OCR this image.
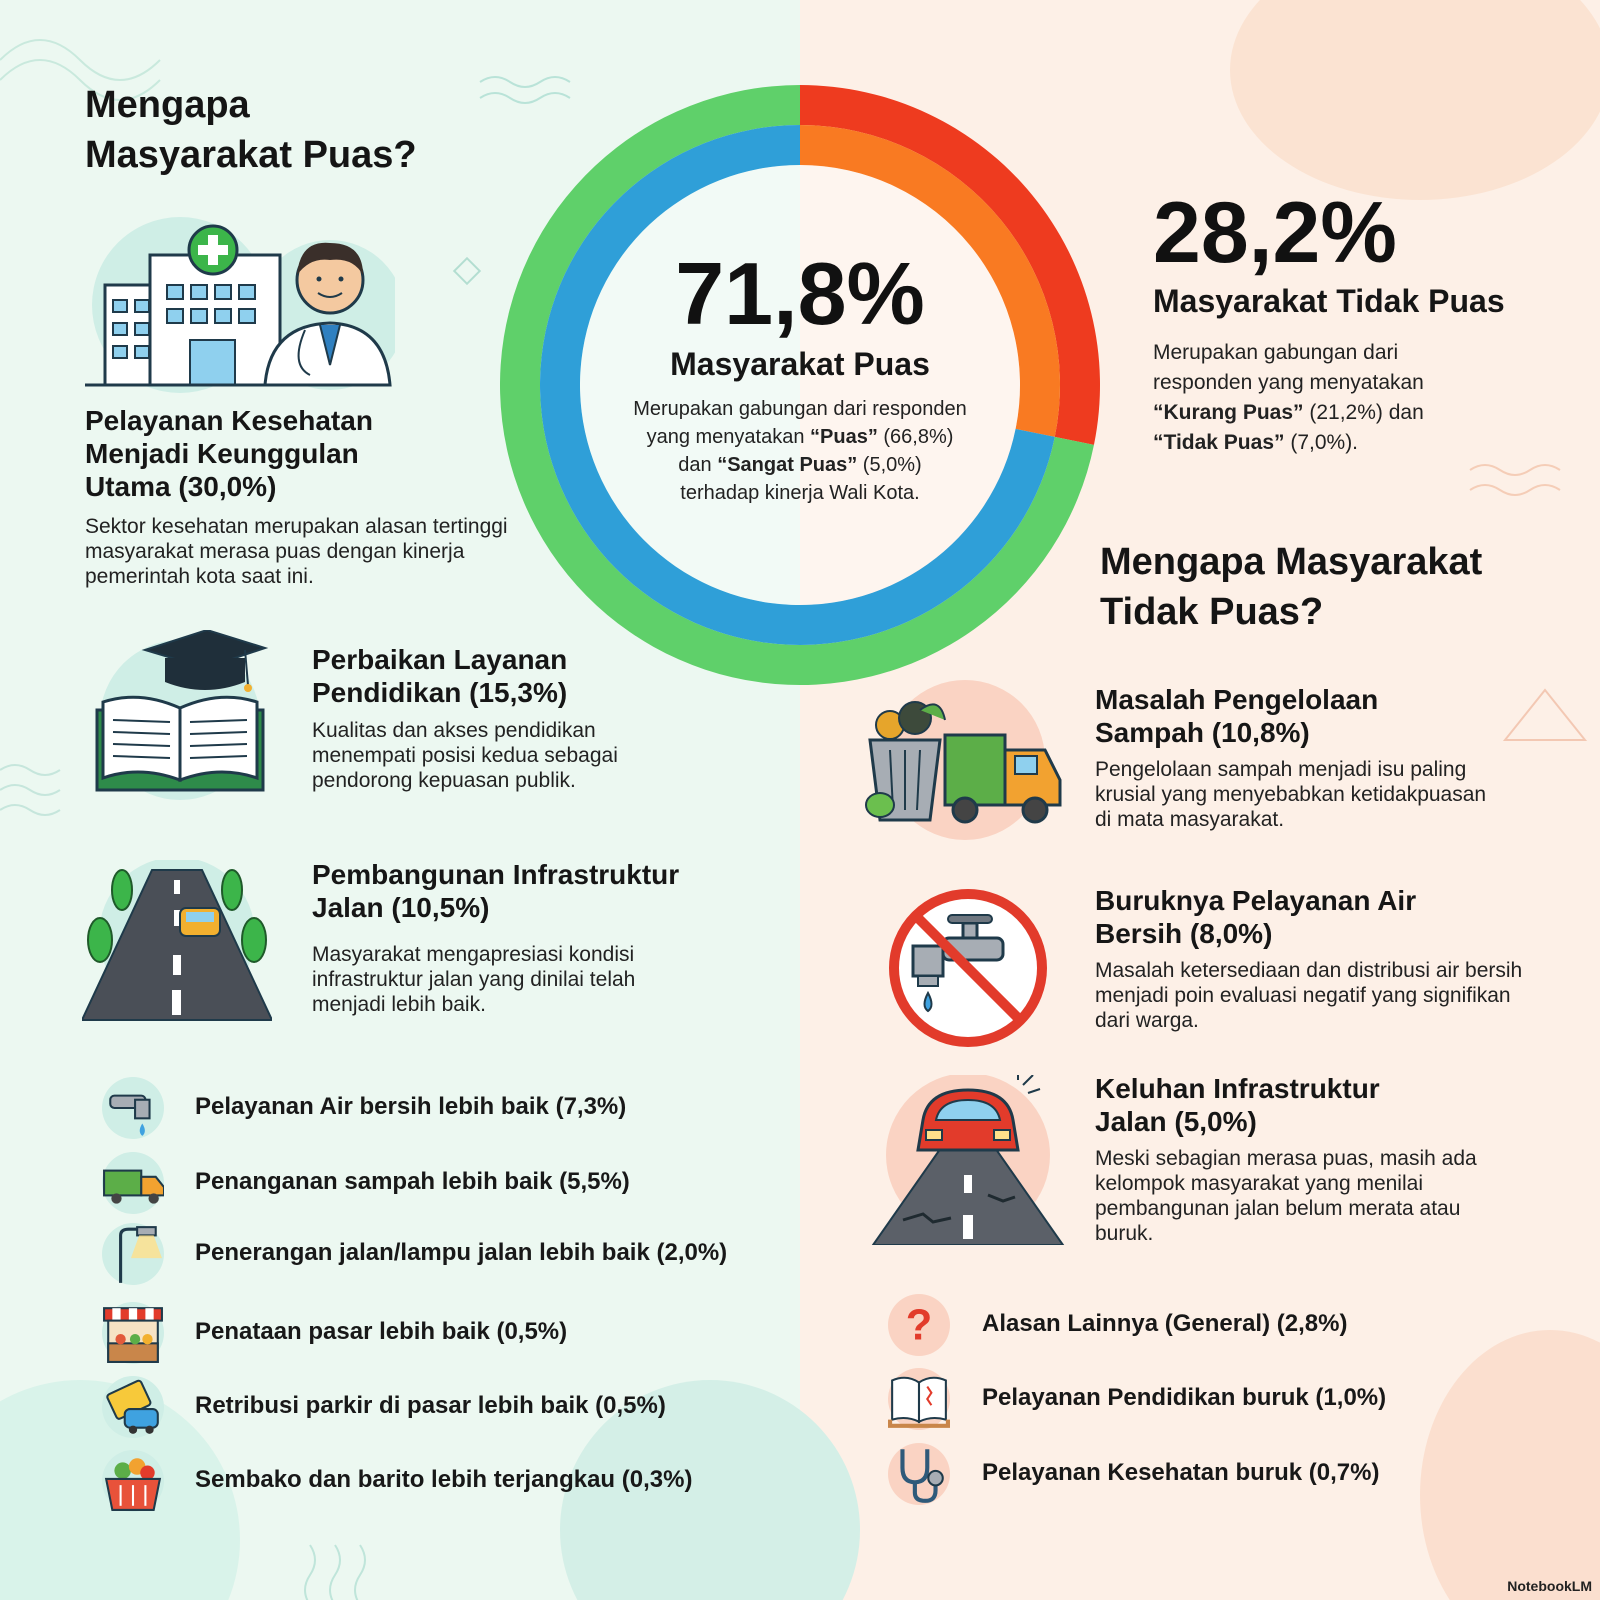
Mengapa Masyarakat Puas?
Pelayanan Kesehatan Menjadi Keunggulan Utama (30,0%)
Sektor kesehatan merupakan alasan tertinggi masyarakat merasa puas dengan kinerja pemerintah kota saat ini.
Perbaikan Layanan Pendidikan (15,3%)
Kualitas dan akses pendidikan menempati posisi kedua sebagai pendorong kepuasan publik.
Pembangunan Infrastruktur Jalan (10,5%)
Masyarakat mengapresiasi kondisi infrastruktur jalan yang dinilai telah menjadi lebih baik.
Pelayanan Air bersih lebih baik (7,3%)
Penanganan sampah lebih baik (5,5%)
Penerangan jalan/lampu jalan lebih baik (2,0%)
Penataan pasar lebih baik (0,5%)
Retribusi parkir di pasar lebih baik (0,5%)
Sembako dan barito lebih terjangkau (0,3%)
71,8%
Masyarakat Puas
Merupakan gabungan dari responden
yang menyatakan “Puas” (66,8%)
dan “Sangat Puas” (5,0%)
terhadap kinerja Wali Kota.
28,2%
Masyarakat Tidak Puas
Merupakan gabungan dari
responden yang menyatakan
“Kurang Puas” (21,2%) dan
“Tidak Puas” (7,0%).
Mengapa Masyarakat Tidak Puas?
Masalah Pengelolaan Sampah (10,8%)
Pengelolaan sampah menjadi isu paling krusial yang menyebabkan ketidakpuasan di mata masyarakat.
Buruknya Pelayanan Air Bersih (8,0%)
Masalah ketersediaan dan distribusi air bersih menjadi poin evaluasi negatif yang signifikan dari warga.
Keluhan Infrastruktur Jalan (5,0%)
Meski sebagian merasa puas, masih ada kelompok masyarakat yang menilai pembangunan jalan belum merata atau buruk.
? Alasan Lainnya (General) (2,8%)
Pelayanan Pendidikan buruk (1,0%)
Pelayanan Kesehatan buruk (0,7%)
NotebookLM
